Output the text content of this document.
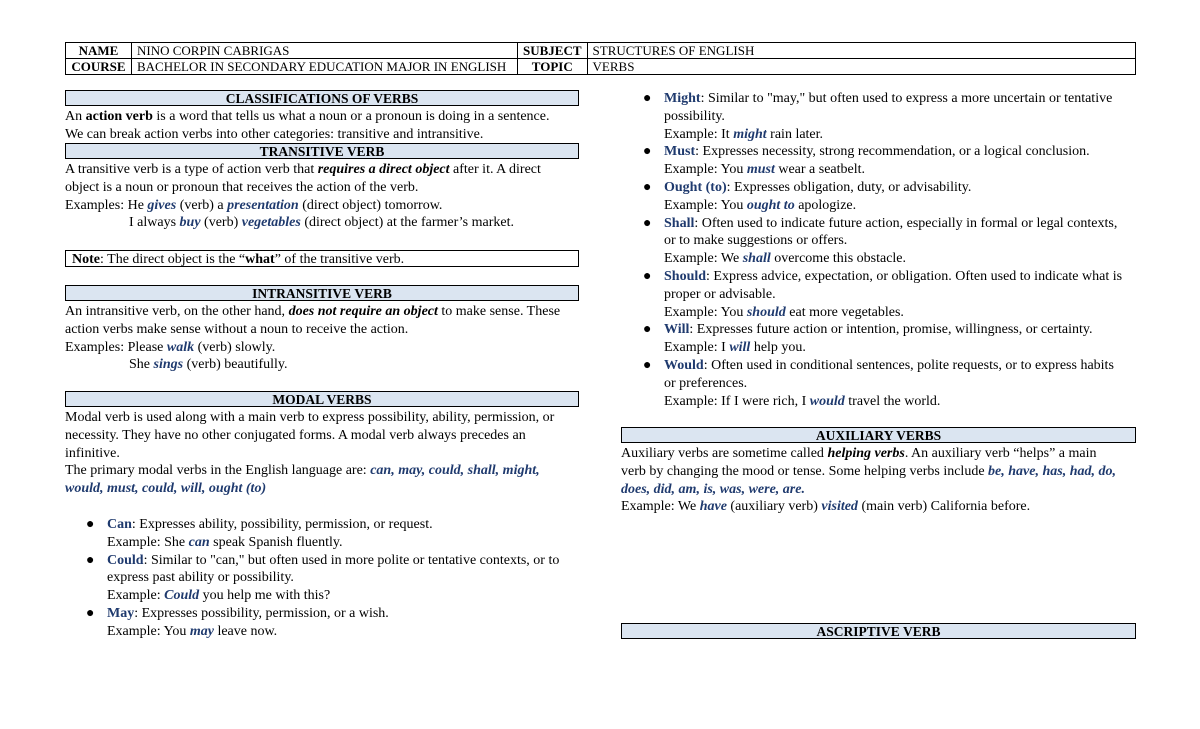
NAME	NINO CORPIN CABRIGAS	SUBJECT	STRUCTURES OF ENGLISH
COURSE	BACHELOR IN SECONDARY EDUCATION MAJOR IN ENGLISH	TOPIC	VERBS
CLASSIFICATIONS OF VERBS
An action verb is a word that tells us what a noun or a pronoun is doing in a sentence.
We can break action verbs into other categories: transitive and intransitive.
TRANSITIVE VERB
A transitive verb is a type of action verb that requires a direct object after it. A direct
object is a noun or pronoun that receives the action of the verb.
Examples: He gives (verb) a presentation (direct object) tomorrow.
I always buy (verb) vegetables (direct object) at the farmer’s market.
Note: The direct object is the “what” of the transitive verb.
INTRANSITIVE VERB
An intransitive verb, on the other hand, does not require an object to make sense. These
action verbs make sense without a noun to receive the action.
Examples: Please walk (verb) slowly.
She sings (verb) beautifully.
MODAL VERBS
Modal verb is used along with a main verb to express possibility, ability, permission, or
necessity. They have no other conjugated forms. A modal verb always precedes an
infinitive.
The primary modal verbs in the English language are: can, may, could, shall, might,
would, must, could, will, ought (to)
● Can: Expresses ability, possibility, permission, or request.
Example: She can speak Spanish fluently.
● Could: Similar to "can," but often used in more polite or tentative contexts, or to
express past ability or possibility.
Example: Could you help me with this?
● May: Expresses possibility, permission, or a wish.
Example: You may leave now.
● Might: Similar to "may," but often used to express a more uncertain or tentative
possibility.
Example: It might rain later.
● Must: Expresses necessity, strong recommendation, or a logical conclusion.
Example: You must wear a seatbelt.
● Ought (to): Expresses obligation, duty, or advisability.
Example: You ought to apologize.
● Shall: Often used to indicate future action, especially in formal or legal contexts,
or to make suggestions or offers.
Example: We shall overcome this obstacle.
● Should: Express advice, expectation, or obligation. Often used to indicate what is
proper or advisable.
Example: You should eat more vegetables.
● Will: Expresses future action or intention, promise, willingness, or certainty.
Example: I will help you.
● Would: Often used in conditional sentences, polite requests, or to express habits
or preferences.
Example: If I were rich, I would travel the world.
AUXILIARY VERBS
Auxiliary verbs are sometime called helping verbs. An auxiliary verb “helps” a main
verb by changing the mood or tense. Some helping verbs include be, have, has, had, do,
does, did, am, is, was, were, are.
Example: We have (auxiliary verb) visited (main verb) California before.
ASCRIPTIVE VERB
